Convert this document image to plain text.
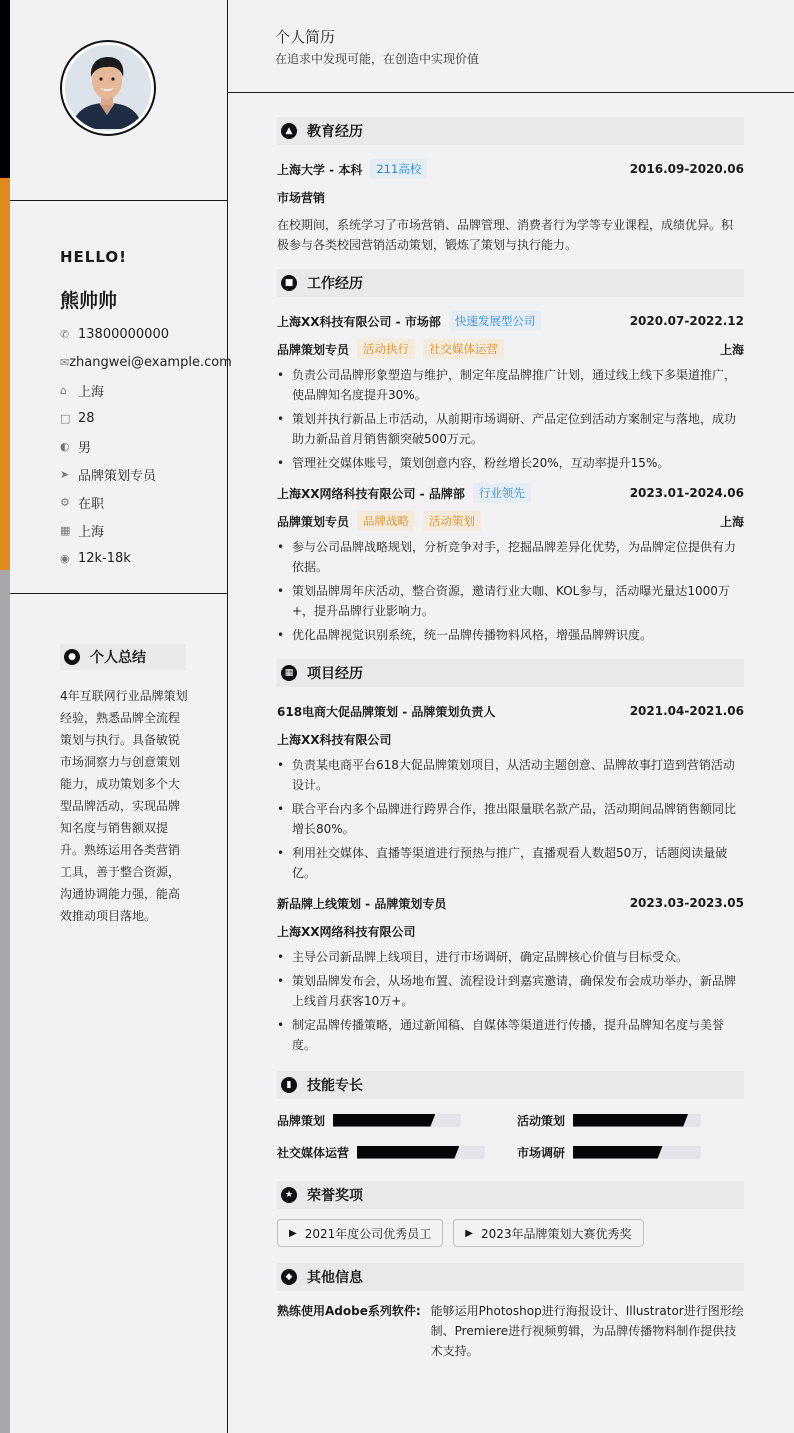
HELLO!
熊帅帅
✆ 13800000000
✉ zhangwei@example.com
⌂ 上海
□ 28
◐ 男
➤ 品牌策划专员
⚙ 在职
▦ 上海
◉ 12k-18k
● 个人总结
4年互联网行业品牌策划经验，熟悉品牌全流程策划与执行。具备敏锐市场洞察力与创意策划能力，成功策划多个大型品牌活动，实现品牌知名度与销售额双提升。熟练运用各类营销工具，善于整合资源，沟通协调能力强，能高效推动项目落地。
个人简历
在追求中发现可能，在创造中实现价值
▲	教育经历
上海大学 - 本科	211高校	2016.09-2020.06
市场营销
在校期间，系统学习了市场营销、品牌管理、消费者行为学等专业课程，成绩优异。积极参与各类校园营销活动策划，锻炼了策划与执行能力。
■ 工作经历
上海XX科技有限公司 - 市场部	快速发展型公司	2020.07-2022.12
品牌策划专员	活动执行	社交媒体运营	上海
• 负责公司品牌形象塑造与维护，制定年度品牌推广计划，通过线上线下多渠道推广，使品牌知名度提升30%。
• 策划并执行新品上市活动，从前期市场调研、产品定位到活动方案制定与落地，成功助力新品首月销售额突破500万元。
• 管理社交媒体账号，策划创意内容，粉丝增长20%，互动率提升15%。
上海XX网络科技有限公司 - 品牌部	行业领先	2023.01-2024.06
品牌策划专员	品牌战略	活动策划	上海
• 参与公司品牌战略规划，分析竞争对手，挖掘品牌差异化优势，为品牌定位提供有力依据。
• 策划品牌周年庆活动，整合资源，邀请行业大咖、KOL参与，活动曝光量达1000万+，提升品牌行业影响力。
• 优化品牌视觉识别系统，统一品牌传播物料风格，增强品牌辨识度。
▦ 项目经历
618电商大促品牌策划 - 品牌策划负责人	2021.04-2021.06
上海XX科技有限公司
• 负责某电商平台618大促品牌策划项目，从活动主题创意、品牌故事打造到营销活动设计。
• 联合平台内多个品牌进行跨界合作，推出限量联名款产品，活动期间品牌销售额同比增长80%。
• 利用社交媒体、直播等渠道进行预热与推广，直播观看人数超50万，话题阅读量破亿。
新品牌上线策划 - 品牌策划专员	2023.03-2023.05
上海XX网络科技有限公司
• 主导公司新品牌上线项目，进行市场调研，确定品牌核心价值与目标受众。
• 策划品牌发布会，从场地布置、流程设计到嘉宾邀请，确保发布会成功举办，新品牌上线首月获客10万+。
• 制定品牌传播策略，通过新闻稿、自媒体等渠道进行传播，提升品牌知名度与美誉度。
▮	技能专长
品牌策划	活动策划
社交媒体运营	市场调研
★ 荣誉奖项
▶ 2021年度公司优秀员工	▶ 2023年品牌策划大赛优秀奖
◆	其他信息
熟练使用Adobe系列软件: 能够运用Photoshop进行海报设计、Illustrator进行图形绘制、Premiere进行视频剪辑，为品牌传播物料制作提供技术支持。
